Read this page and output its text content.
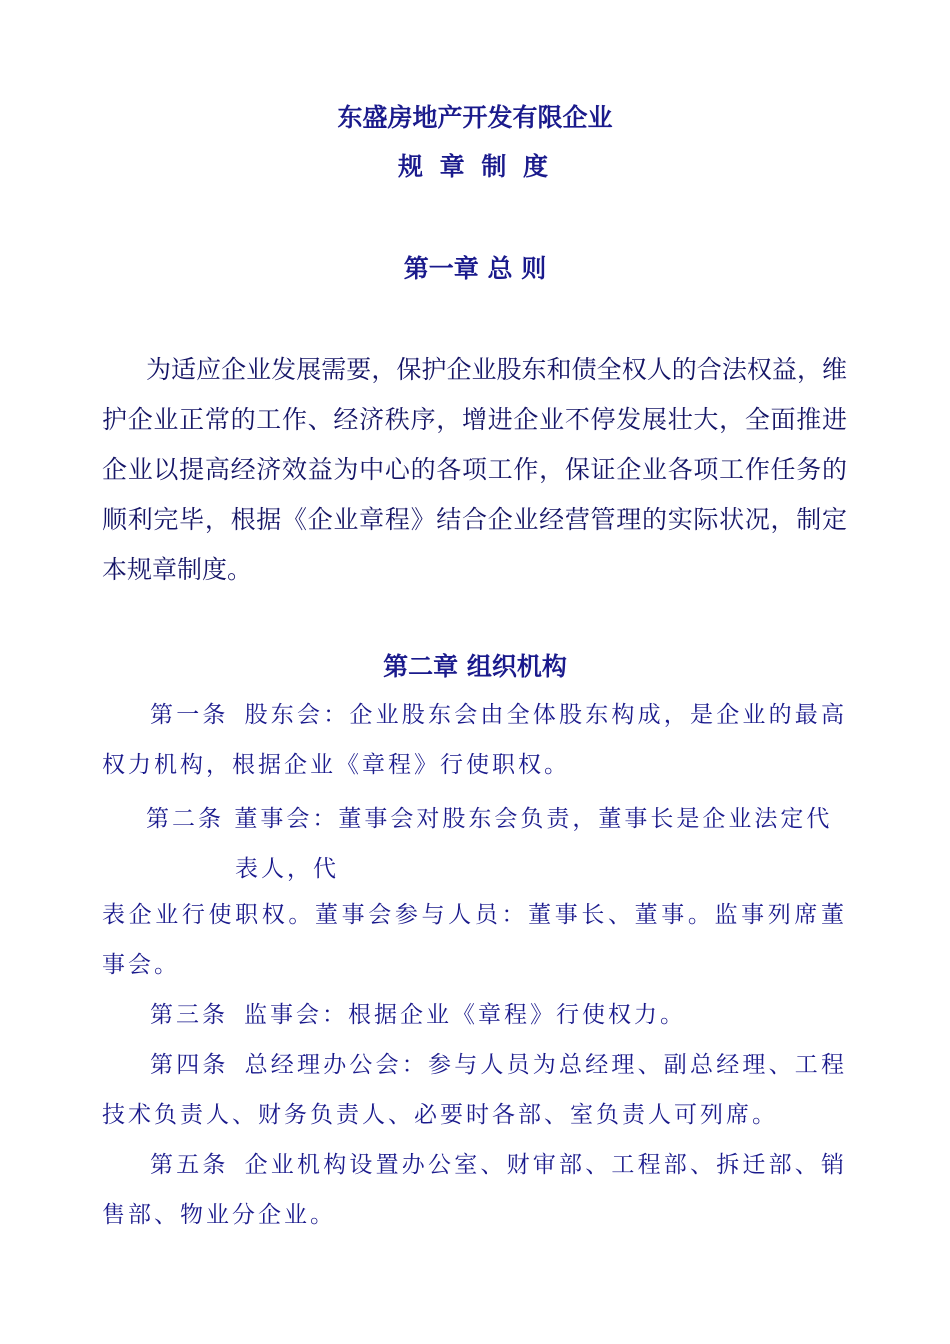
东盛房地产开发有限企业
规 章 制 度
第一章 总 则

为适应企业发展需要，保护企业股东和债全权人的合法权益，维护企业正常的工作、经济秩序，增进企业不停发展壮大，全面推进企业以提高经济效益为中心的各项工作，保证企业各项工作任务的顺利完毕，根据《企业章程》结合企业经营管理的实际状况，制定本规章制度。

第二章 组织机构

第一条 股东会：企业股东会由全体股东构成，是企业的最高权力机构，根据企业《章程》行使职权。

第二条 董事会：董事会对股东会负责，董事长是企业法定代
表人，代

表企业行使职权。董事会参与人员：董事长、董事。监事列席董事会。

第三条 监事会：根据企业《章程》行使权力。

第四条 总经理办公会：参与人员为总经理、副总经理、工程技术负责人、财务负责人、必要时各部、室负责人可列席。

第五条 企业机构设置办公室、财审部、工程部、拆迁部、销售部、物业分企业。
